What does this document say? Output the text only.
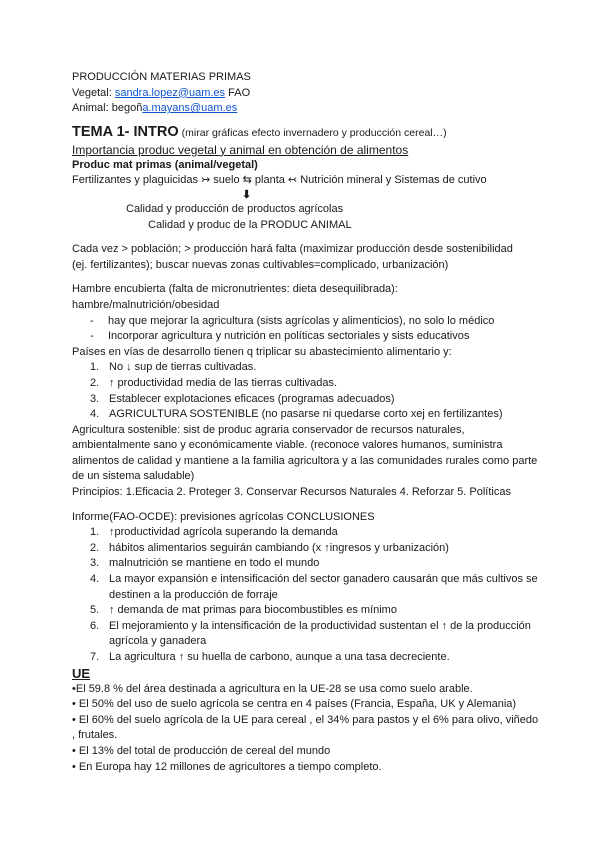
PRODUCCIÓN MATERIAS PRIMAS
Vegetal: sandra.lopez@uam.es FAO
Animal: begoña.mayans@uam.es
TEMA 1- INTRO (mirar gráficas efecto invernadero y producción cereal…)
Importancia produc vegetal y animal en obtención de alimentos
Produc mat primas (animal/vegetal)
Fertilizantes y plaguicidas ↣ suelo ⇆ planta ↢ Nutrición mineral y Sistemas de cutivo
⬇
Calidad y producción de productos agrícolas
Calidad y produc de la PRODUC ANIMAL
Cada vez > población; > producción hará falta (maximizar producción desde sostenibilidad
(ej. fertilizantes); buscar nuevas zonas cultivables=complicado, urbanización)
Hambre encubierta (falta de micronutrientes: dieta desequilibrada):
hambre/malnutrición/obesidad
- hay que mejorar la agricultura (sists agrícolas y alimenticios), no solo lo médico
- Incorporar agricultura y nutrición en políticas sectoriales y sists educativos
Países en vías de desarrollo tienen q triplicar su abastecimiento alimentario y:
1. No ↓ sup de tierras cultivadas.
2. ↑ productividad media de las tierras cultivadas.
3. Establecer explotaciones eficaces (programas adecuados)
4. AGRICULTURA SOSTENIBLE (no pasarse ni quedarse corto xej en fertilizantes)
Agricultura sostenible: sist de produc agraria conservador de recursos naturales, ambientalmente sano y económicamente viable. (reconoce valores humanos, suministra alimentos de calidad y mantiene a la familia agricultora y a las comunidades rurales como parte de un sistema saludable)
Principios: 1.Eficacia 2. Proteger 3. Conservar Recursos Naturales 4. Reforzar 5. Políticas
Informe(FAO-OCDE): previsiones agrícolas CONCLUSIONES
1. ↑productividad agrícola superando la demanda
2. hábitos alimentarios seguirán cambiando (x ↑ingresos y urbanización)
3. malnutrición se mantiene en todo el mundo
4. La mayor expansión e intensificación del sector ganadero causarán que más cultivos se destinen a la producción de forraje
5. ↑ demanda de mat primas para biocombustibles es mínimo
6. El mejoramiento y la intensificación de la productividad sustentan el ↑ de la producción agrícola y ganadera
7. La agricultura ↑ su huella de carbono, aunque a una tasa decreciente.
UE
•El 59.8 % del área destinada a agricultura en la UE-28 se usa como suelo arable.
• El 50% del uso de suelo agrícola se centra en 4 países (Francia, España, UK y Alemania)
• El 60% del suelo agrícola de la UE para cereal , el 34% para pastos y el 6% para olivo, viñedo , frutales.
• El 13% del total de producción de cereal del mundo
• En Europa hay 12 millones de agricultores a tiempo completo.
